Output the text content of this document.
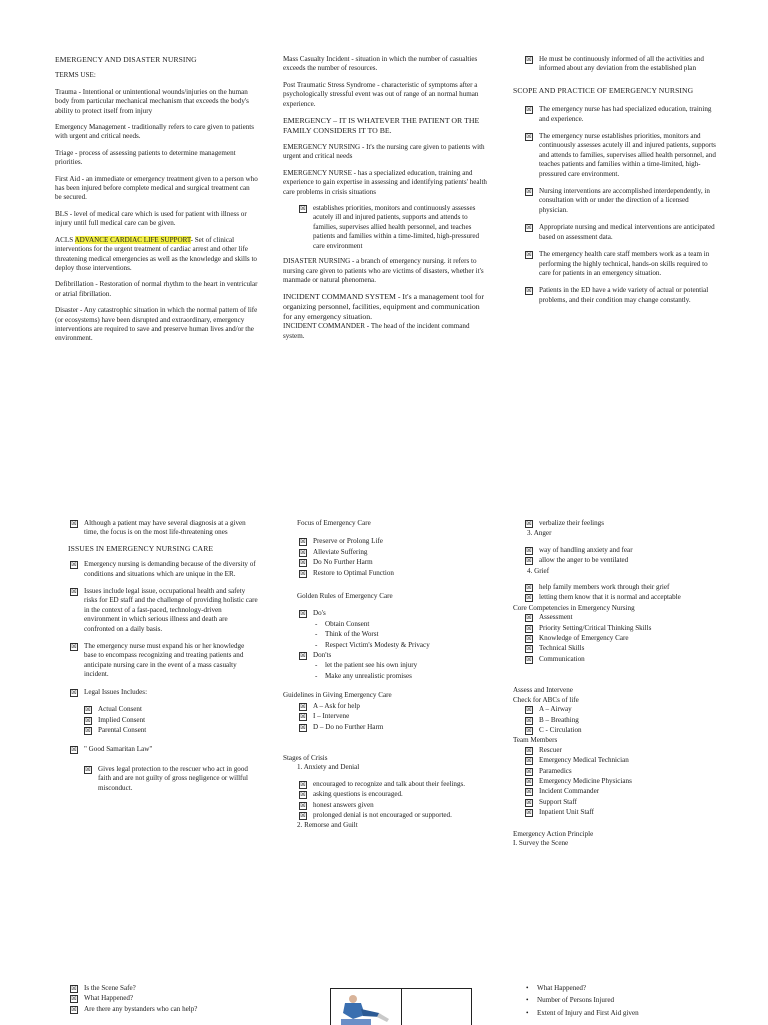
EMERGENCY AND DISASTER NURSING

TERMS USE:

Trauma - Intentional or unintentional wounds/injuries on the human body from particular mechanical mechanism that exceeds the body's ability to protect itself from injury

Emergency Management - traditionally refers to care given to patients with urgent and critical needs.

Triage - process of assessing patients to determine management priorities.

First Aid - an immediate or emergency treatment given to a person who has been injured before complete medical and surgical treatment can be secured.

BLS - level of medical care which is used for patient with illness or injury until full medical care can be given.

ACLS ADVANCE CARDIAC LIFE SUPPORT- Set of clinical interventions for the urgent treatment of cardiac arrest and other life threatening medical emergencies as well as the knowledge and skills to deploy those interventions.

Defibrillation - Restoration of normal rhythm to the heart in ventricular or atrial fibrillation.

Disaster - Any catastrophic situation in which the normal pattern of life (or ecosystems) have been disrupted and extraordinary, emergency interventions are required to save and preserve human lives and/or the environment.

Mass Casualty Incident - situation in which the number of casualties exceeds the number of resources.

Post Traumatic Stress Syndrome - characteristic of symptoms after a psychologically stressful event was out of range of an normal human experience.

EMERGENCY – IT IS WHATEVER THE PATIENT OR THE FAMILY CONSIDERS IT TO BE.

EMERGENCY NURSING - It's the nursing care given to patients with urgent and critical needs

EMERGENCY NURSE - has a specialized education, training and experience to gain expertise in assessing and identifying patients' health care problems in crisis situations

☒ establishes priorities, monitors and continuously assesses acutely ill and injured patients, supports and attends to families, supervises allied health personnel, and teaches patients and families within a time-limited, high-pressured care environment

DISASTER NURSING - a branch of emergency nursing. it refers to nursing care given to patients who are victims of disasters, whether it's manmade or natural phenomena.

INCIDENT COMMAND SYSTEM - It's a management tool for organizing personnel, facilities, equipment and communication for any emergency situation.

INCIDENT COMMANDER - The head of the incident command system.

☒ He must be continuously informed of all the activities and informed about any deviation from the established plan

SCOPE AND PRACTICE OF EMERGENCY NURSING

☒ The emergency nurse has had specialized education, training and experience.
☒ The emergency nurse establishes priorities, monitors and continuously assesses acutely ill and injured patients, supports and attends to families, supervises allied health personnel, and teaches patients and families within a time-limited, high-pressured care environment.
☒ Nursing interventions are accomplished interdependently, in consultation with or under the direction of a licensed physician.
☒ Appropriate nursing and medical interventions are anticipated based on assessment data.
☒ The emergency health care staff members work as a team in performing the highly technical, hands-on skills required to care for patients in an emergency situation.
☒ Patients in the ED have a wide variety of actual or potential problems, and their condition may change constantly.
☒ Although a patient may have several diagnosis at a given time, the focus is on the most life-threatening ones

ISSUES IN EMERGENCY NURSING CARE

☒ Emergency nursing is demanding because of the diversity of conditions and situations which are unique in the ER.
☒ Issues include legal issue, occupational health and safety risks for ED staff and the challenge of providing holistic care in the context of a fast-paced, technology-driven environment in which serious illness and death are confronted on a daily basis.
☒ The emergency nurse must expand his or her knowledge base to encompass recognizing and treating patients and anticipate nursing care in the event of a mass casualty incident.
☒ Legal Issues Includes:
☒ Actual Consent
☒ Implied Consent
☒ Parental Consent
☒ " Good Samaritan Law"
☒ Gives legal protection to the rescuer who act in good faith and are not guilty of gross negligence or willful misconduct.

Focus of Emergency Care

☒ Preserve or Prolong Life
☒ Alleviate Suffering
☒ Do No Further Harm
☒ Restore to Optimal Function

Golden Rules of Emergency Care

☒ Do's
- Obtain Consent
- Think of the Worst
- Respect Victim's Modesty & Privacy
☒ Don'ts
- let the patient see his own injury
- Make any unrealistic promises

Guidelines in Giving Emergency Care

☒ A – Ask for help
☒ I – Intervene
☒ D – Do no Further Harm

Stages of Crisis

1. Anxiety and Denial

☒ encouraged to recognize and talk about their feelings.
☒ asking questions is encouraged.
☒ honest answers given
☒ prolonged denial is not encouraged or supported.

2. Remorse and Guilt

☒ verbalize their feelings

3. Anger

☒ way of handling anxiety and fear
☒ allow the anger to be ventilated

4. Grief

☒ help family members work through their grief
☒ letting them know that it is normal and acceptable

Core Competencies in Emergency Nursing

☒ Assessment
☒ Priority Setting/Critical Thinking Skills
☒ Knowledge of Emergency Care
☒ Technical Skills
☒ Communication

Assess and Intervene

Check for ABCs of life

☒ A – Airway
☒ B – Breathing
☒ C - Circulation

Team Members

☒ Rescuer
☒ Emergency Medical Technician
☒ Paramedics
☒ Emergency Medicine Physicians
☒ Incident Commander
☒ Support Staff
☒ Inpatient Unit Staff

Emergency Action Principle

I. Survey the Scene

☒ Is the Scene Safe?
☒ What Happened?
☒ Are there any bystanders who can help?
• What Happened?
• Number of Persons Injured
• Extent of Injury and First Aid given
